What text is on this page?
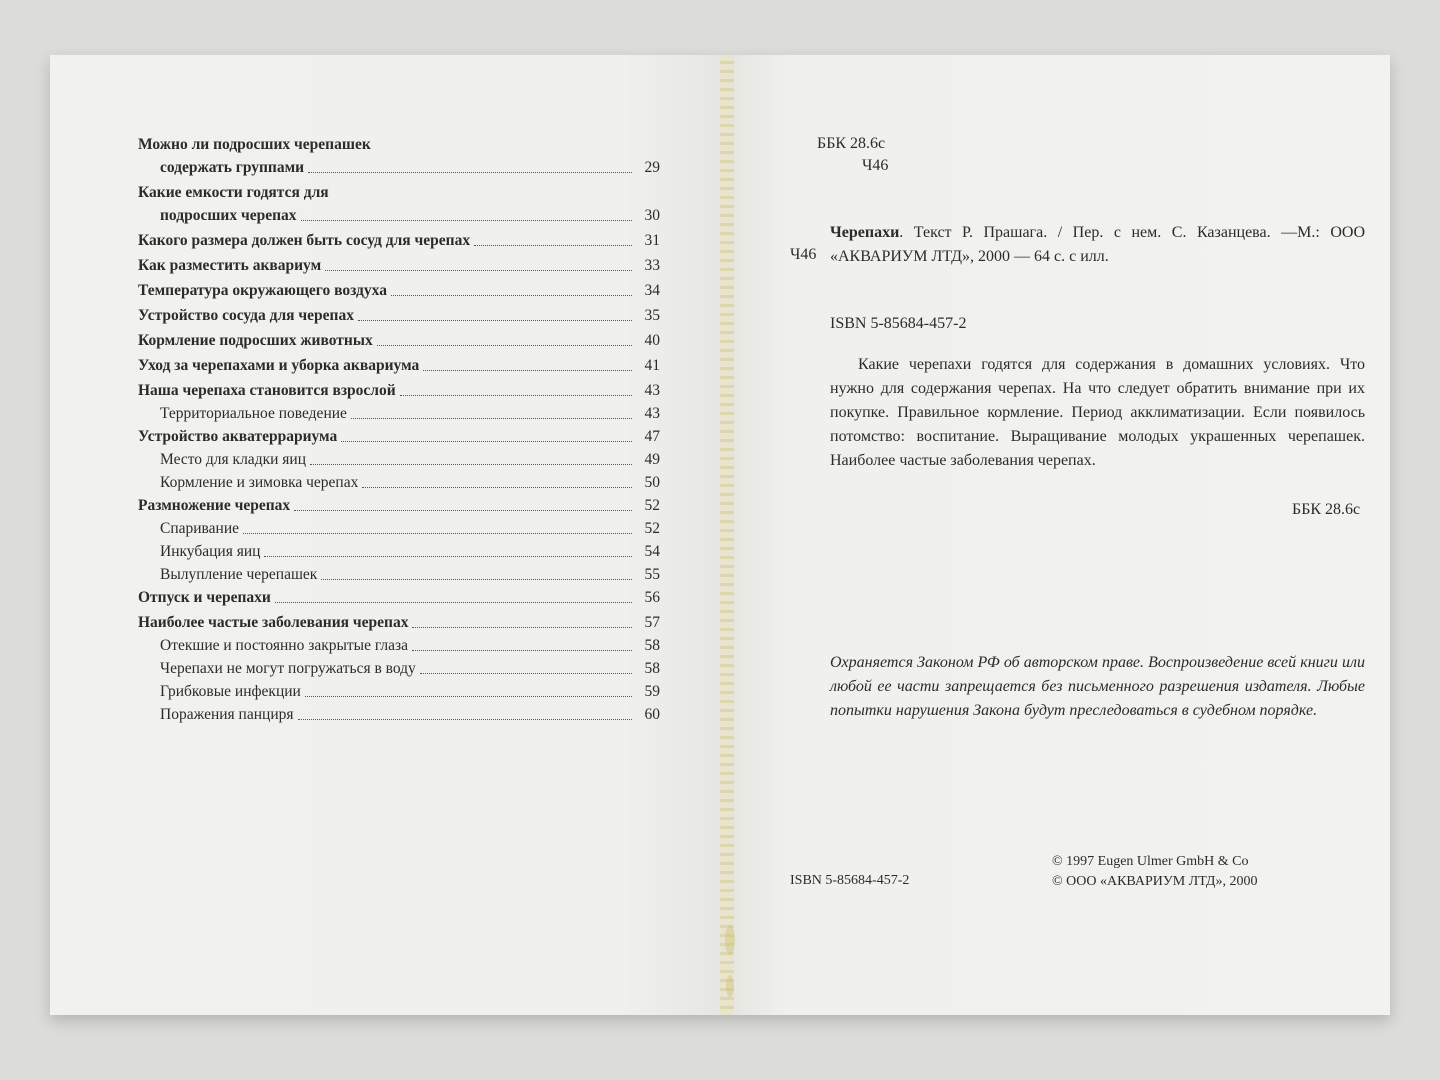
Можно ли подросших черепашек
содержать группами	29
Какие емкости годятся для
подросших черепах	30
Какого размера должен быть сосуд для черепах	31
Как разместить аквариум	33
Температура окружающего воздуха	34
Устройство сосуда для черепах	35
Кормление подросших животных	40
Уход за черепахами и уборка аквариума	41
Наша черепаха становится взрослой	43
Территориальное поведение	43
Устройство акватеррариума	47
Место для кладки яиц	49
Кормление и зимовка черепах	50
Размножение черепах	52
Спаривание	52
Инкубация яиц	54
Вылупление черепашек	55
Отпуск и черепахи	56
Наиболее частые заболевания черепах	57
Отекшие и постоянно закрытые глаза	58
Черепахи не могут погружаться в воду	58
Грибковые инфекции	59
Поражения панциря	60
ББК 28.6с
Ч46
Ч46
Черепахи. Текст Р. Прашага. / Пер. с нем. С. Казанцева. —М.: ООО «АКВАРИУМ ЛТД», 2000 — 64 с. с илл.
ISBN 5-85684-457-2
Какие черепахи годятся для содержания в домашних условиях. Что нужно для содержания черепах. На что следует обратить внимание при их покупке. Правильное кормление. Период акклиматизации. Если появилось потомство: воспитание. Выращивание молодых украшенных черепашек. Наиболее частые заболевания черепах.
ББК 28.6с
Охраняется Законом РФ об авторском праве. Воспроизведение всей книги или любой ее части запрещается без письменного разрешения издателя. Любые попытки нарушения Закона будут преследоваться в судебном порядке.
ISBN 5-85684-457-2
© 1997 Eugen Ulmer GmbH & Co
© ООО «АКВАРИУМ ЛТД», 2000
